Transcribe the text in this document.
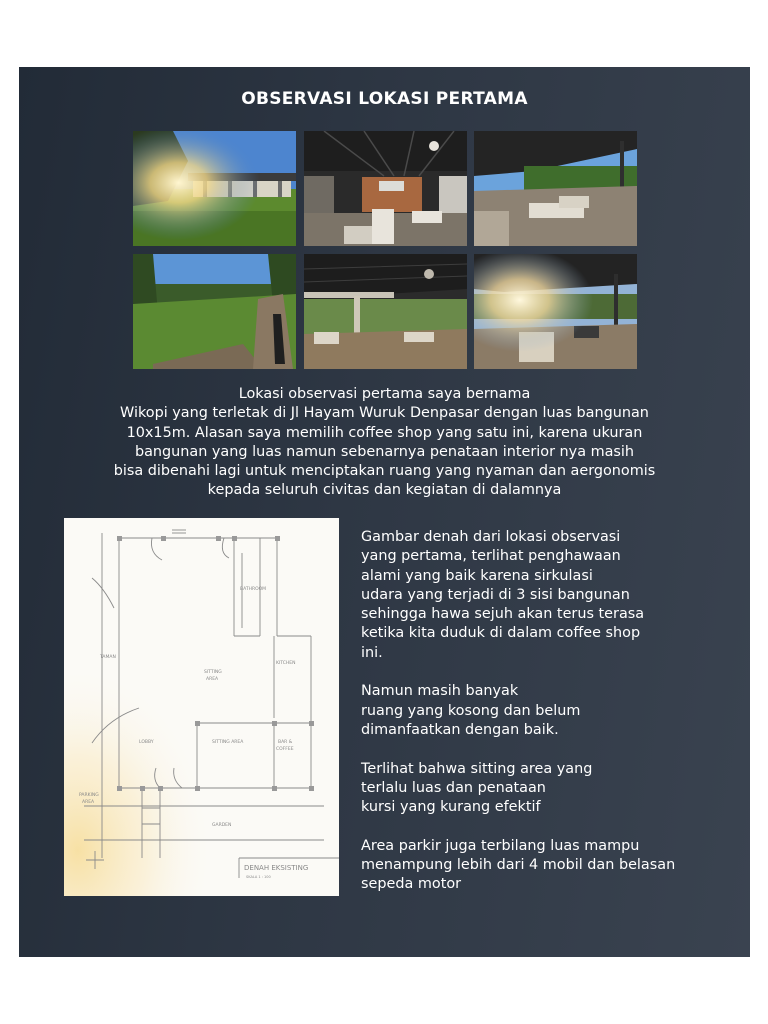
OBSERVASI LOKASI PERTAMA

Lokasi observasi pertama saya bernama
Wikopi yang terletak di Jl Hayam Wuruk Denpasar dengan luas bangunan
10x15m. Alasan saya memilih coffee shop yang satu ini, karena ukuran
bangunan yang luas namun sebenarnya penataan interior nya masih
bisa dibenahi lagi untuk menciptakan ruang yang nyaman dan aergonomis
kepada seluruh civitas dan kegiatan di dalamnya

BATHROOM
KITCHEN
SITTING
AREA
SITTING AREA	BAR &
COFFEE
LOBBY
TAMAN
PARKING
AREA
GARDEN
DENAH EKSISTING
SKALA 1 : 100

Gambar denah dari lokasi observasi
yang pertama, terlihat penghawaan
alami yang baik karena sirkulasi
udara yang terjadi di 3 sisi bangunan
sehingga hawa sejuh akan terus terasa
ketika kita duduk di dalam coffee shop
ini.

Namun masih banyak
ruang yang kosong dan belum
dimanfaatkan dengan baik.

Terlihat bahwa sitting area yang
terlalu luas dan penataan
kursi yang kurang efektif

Area parkir juga terbilang luas mampu
menampung lebih dari 4 mobil dan belasan
sepeda motor
